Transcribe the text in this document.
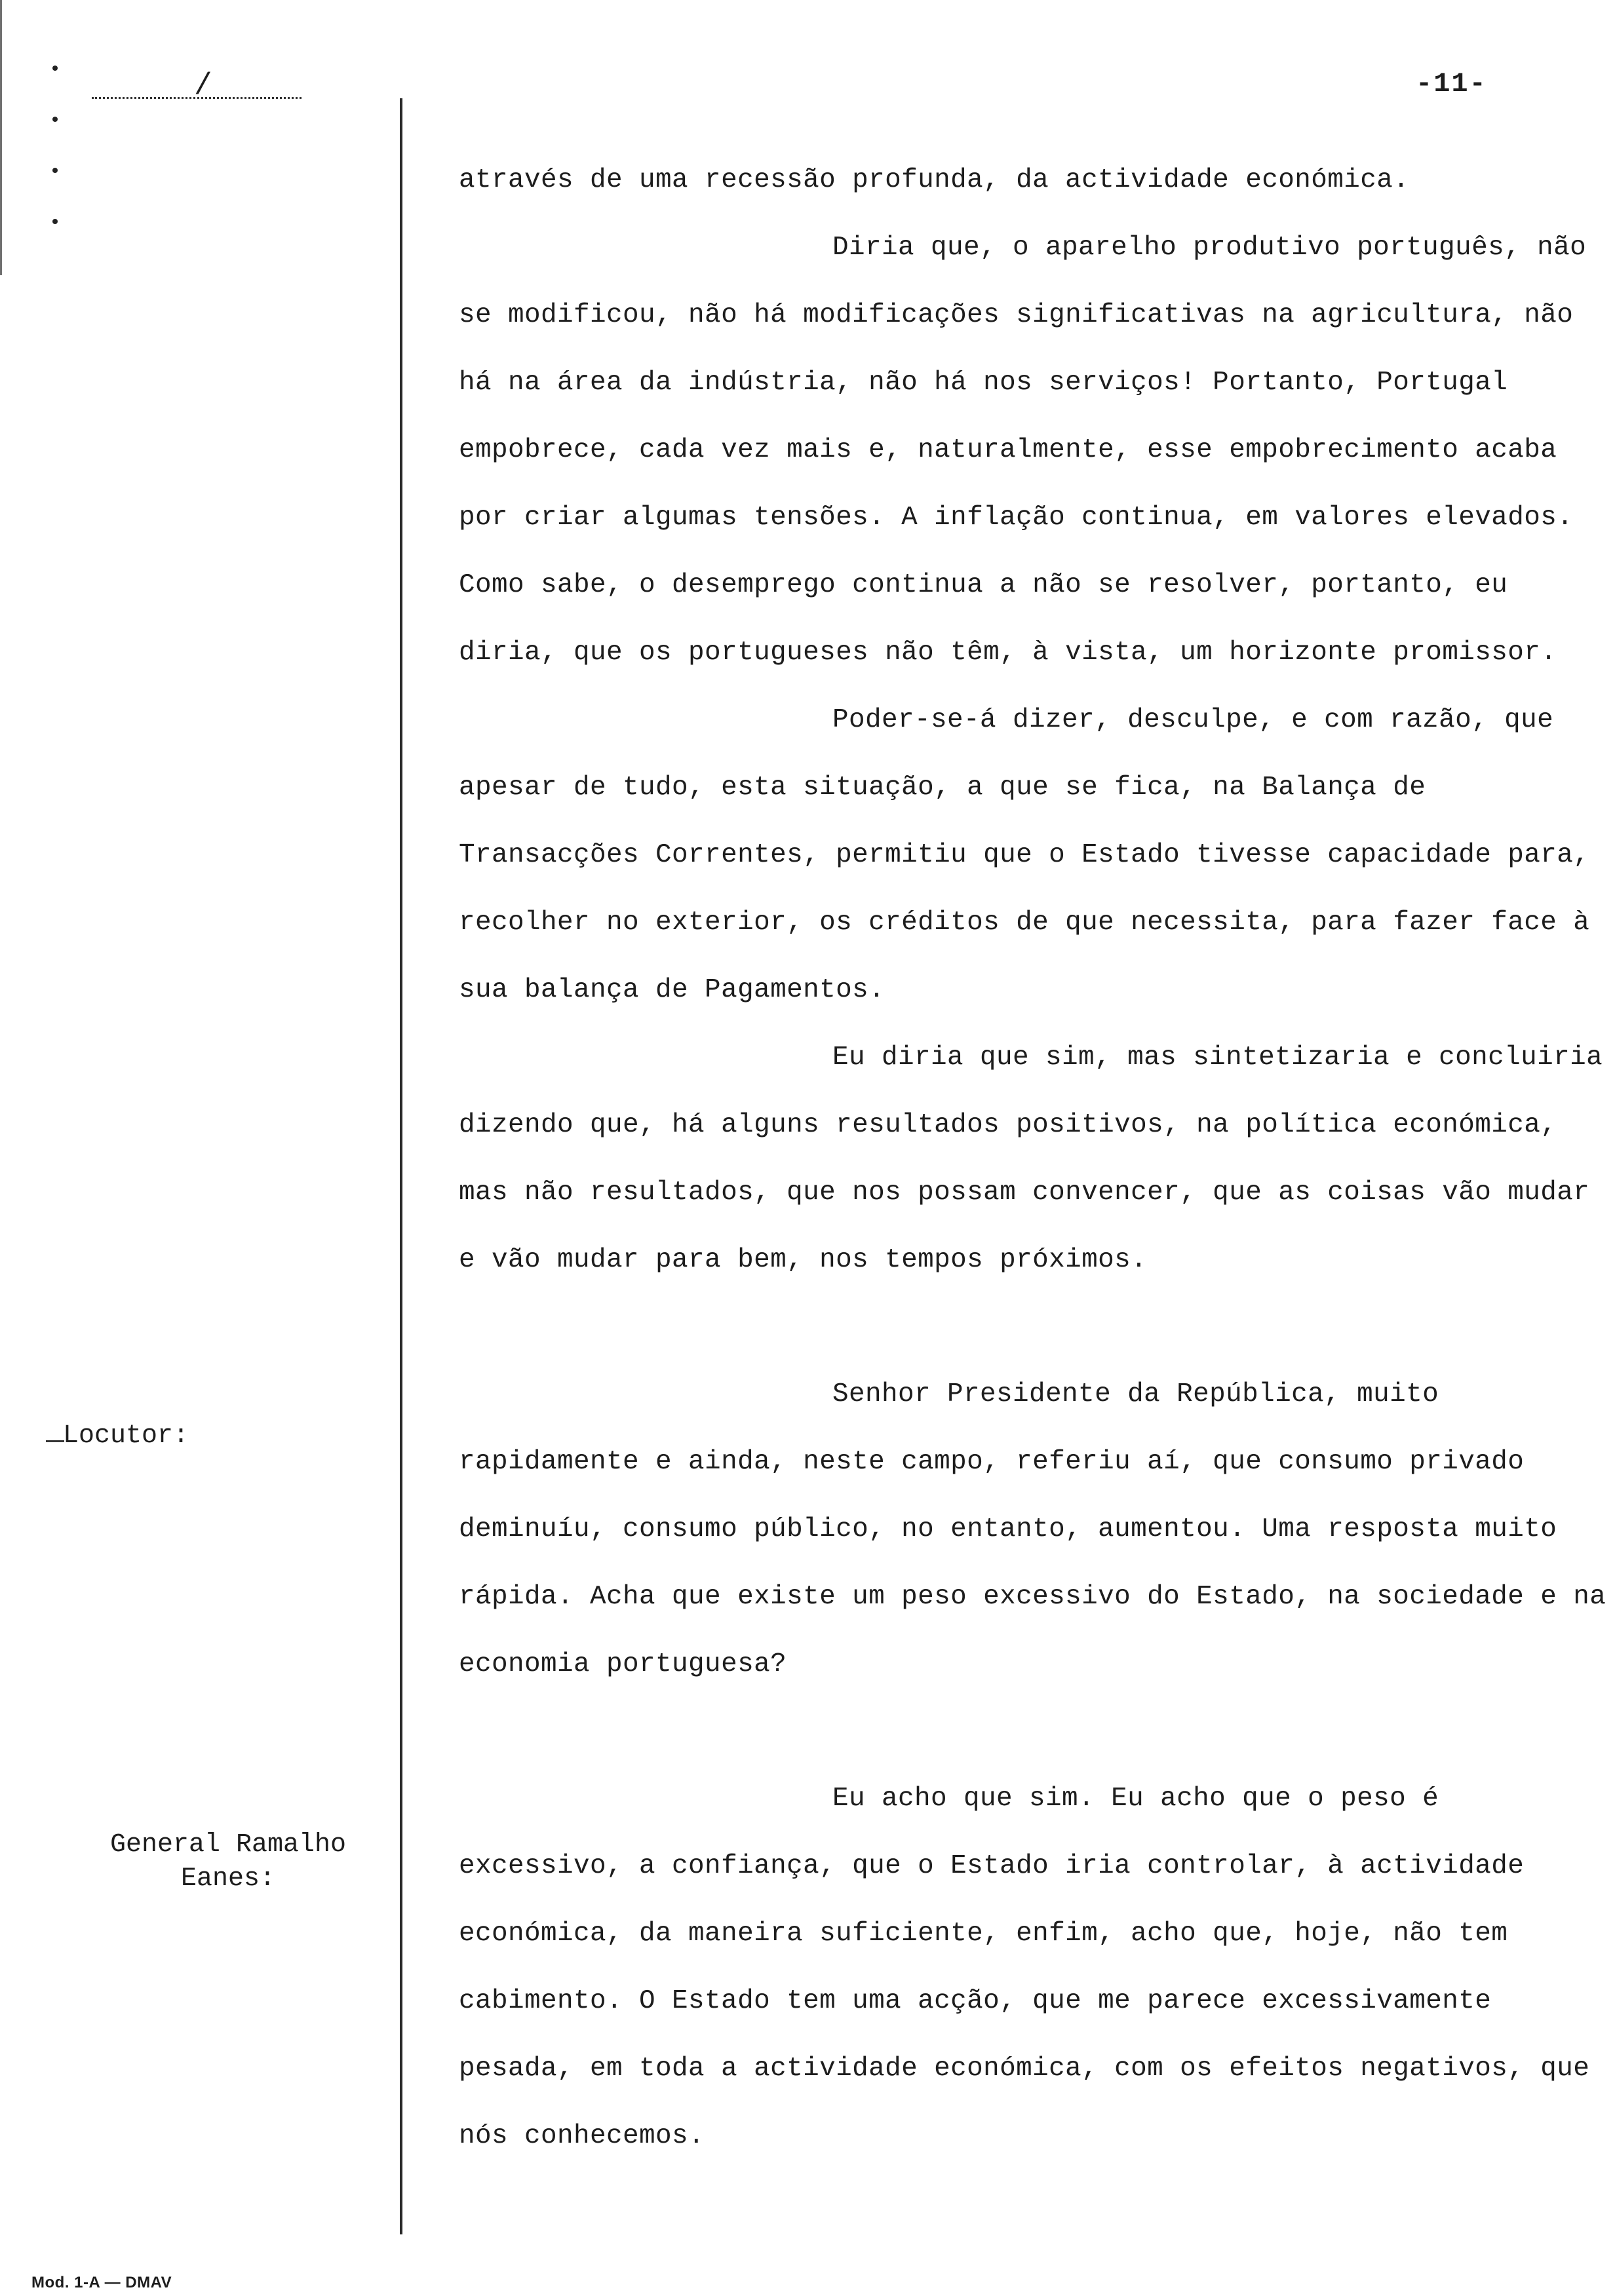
/	-11-
Locutor:
General Ramalho Eanes:

através de uma recessão profunda, da actividade económica.

Diria que, o aparelho produtivo português, não se modificou, não há modificações significativas na agricultura, não há na área da indústria, não há nos serviços! Portanto, Portugal empobrece, cada vez mais e, naturalmente, esse empobrecimento acaba por criar algumas tensões. A inflação continua, em valores elevados. Como sabe, o desemprego continua a não se resolver, portanto, eu diria, que os portugueses não têm, à vista, um horizonte promissor.

Poder-se-á dizer, desculpe, e com razão, que apesar de tudo, esta situação, a que se fica, na Balança de Transacções Correntes, permitiu que o Estado tivesse capacidade para, recolher no exterior, os créditos de que necessita, para fazer face à sua balança de Pagamentos.

Eu diria que sim, mas sintetizaria e concluiria dizendo que, há alguns resultados positivos, na política económica, mas não resultados, que nos possam convencer, que as coisas vão mudar e vão mudar para bem, nos tempos próximos.

Senhor Presidente da República, muito rapidamente e ainda, neste campo, referiu aí, que consumo privado deminuíu, consumo público, no entanto, aumentou. Uma resposta muito rápida. Acha que existe um peso excessivo do Estado, na sociedade e na economia portuguesa?

Eu acho que sim. Eu acho que o peso é excessivo, a confiança, que o Estado iria controlar, à actividade económica, da maneira suficiente, enfim, acho que, hoje, não tem cabimento. O Estado tem uma acção, que me parece excessivamente pesada, em toda a actividade económica, com os efeitos negativos, que nós conhecemos.

Mod. 1-A — DMAV
